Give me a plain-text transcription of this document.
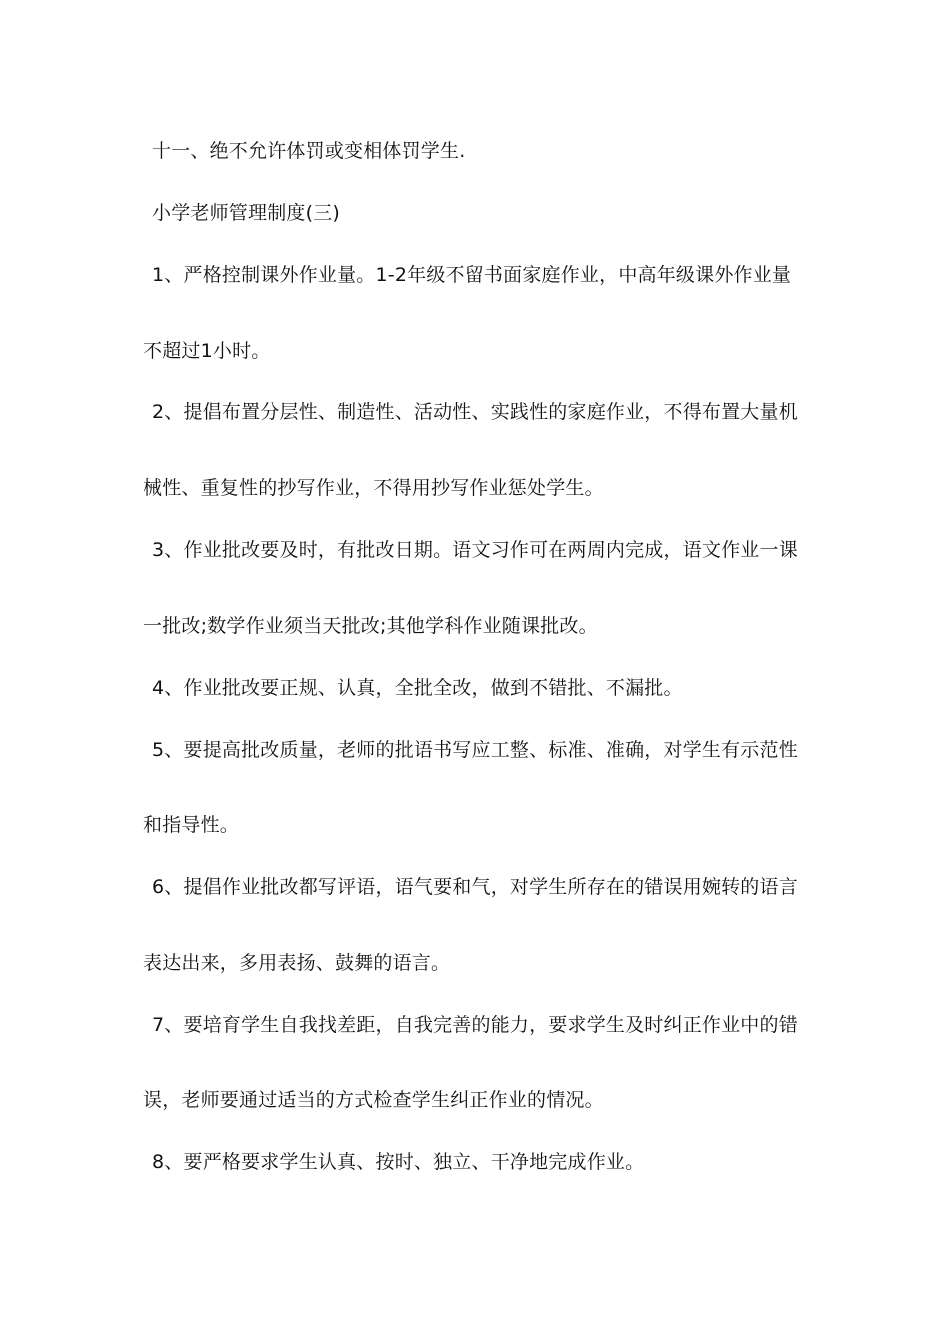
十一、绝不允许体罚或变相体罚学生.
小学老师管理制度(三)
1、严格控制课外作业量。1-2年级不留书面家庭作业，中高年级课外作业量
不超过1小时。
2、提倡布置分层性、制造性、活动性、实践性的家庭作业，不得布置大量机
械性、重复性的抄写作业，不得用抄写作业惩处学生。
3、作业批改要及时，有批改日期。语文习作可在两周内完成，语文作业一课
一批改;数学作业须当天批改;其他学科作业随课批改。
4、作业批改要正规、认真，全批全改，做到不错批、不漏批。
5、要提高批改质量，老师的批语书写应工整、标准、准确，对学生有示范性
和指导性。
6、提倡作业批改都写评语，语气要和气，对学生所存在的错误用婉转的语言
表达出来，多用表扬、鼓舞的语言。
7、要培育学生自我找差距，自我完善的能力，要求学生及时纠正作业中的错
误，老师要通过适当的方式检查学生纠正作业的情况。
8、要严格要求学生认真、按时、独立、干净地完成作业。
